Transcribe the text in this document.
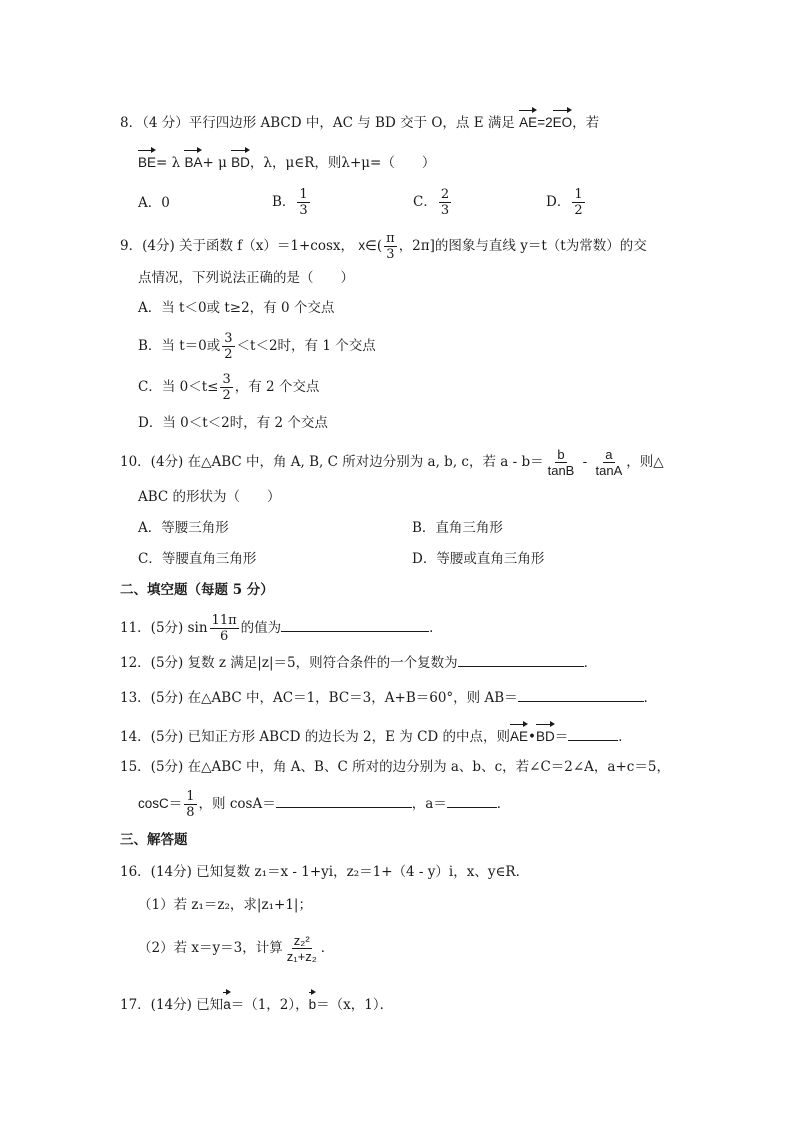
8．（4 分）平行四边形 ABCD 中，AC 与 BD 交于 O，点 E 满足 AE=2EO，若
BE= λ BA+ μ BD，λ，μ∈R，则λ+μ=（　　）
A．0	B． $\frac{1}{3}$	C． $\frac{2}{3}$	D． $\frac{1}{2}$
9．(4分) 关于函数 f（x）＝1+cosx， x∈( $\frac{\pi}{3}$ ，2π]的图象与直线 y＝t（t为常数）的交
点情况，下列说法正确的是（　　）
A．当 t＜0或 t≥2，有 0 个交点
B．当 t＝0或 $\frac{3}{2} <t<2$时，有 1 个交点
C．当 $0<t\le \frac{3}{2}$ ，有 2 个交点
D．当 0＜t＜2时，有 2 个交点
10．(4分) 在△ABC 中，角 A, B, C 所对边分别为 a, b, c，若 $a - b= \frac{b}{\tan B} - \frac{a}{\tan A}$ ，则△
ABC 的形状为（　　）
A．等腰三角形	B．直角三角形
C．等腰直角三角形	D．等腰或直角三角形
二、填空题（每题 5 分）
11．(5分) $\sin \frac{11\pi}{6}$ 的值为	．
12．(5分) 复数 z 满足|z|＝5，则符合条件的一个复数为	．
13．(5分) 在△ABC 中，AC＝1，BC＝3，A+B＝60°，则 AB＝	．
14．(5分) 已知正方形 ABCD 的边长为 2，E 为 CD 的中点，则AE•BD＝	．
15．(5分) 在△ABC 中，角 A、B、C 所对的边分别为 a、b、c，若∠C＝2∠A，a+c＝5，
$\cos C= \frac{1}{8}$ ，则 cosA＝	，a＝	．
三、解答题
16．(14分) 已知复数 z₁＝x - 1+yi，z₂＝1+（4 - y）i，x、y∈R．
（1）若 z₁＝z₂，求|z₁+1|；
（2）若 x＝y＝3，计算 $\frac{\text{z₂²}}{\text{z₁+z₂}}$ ．
17．(14分) 已知a＝（1，2），b＝（x，1）．
